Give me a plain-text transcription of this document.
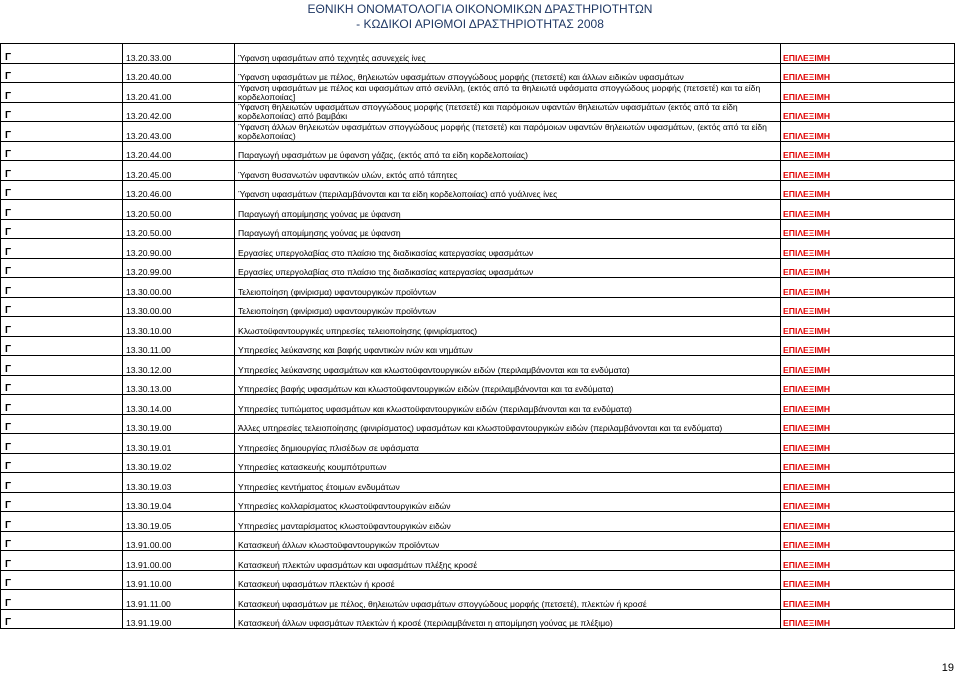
ΕΘΝΙΚΗ ΟΝΟΜΑΤΟΛΟΓΙΑ ΟΙΚΟΝΟΜΙΚΩΝ ΔΡΑΣΤΗΡΙΟΤΗΤΩΝ
- ΚΩΔΙΚΟΙ ΑΡΙΘΜΟΙ ΔΡΑΣΤΗΡΙΟΤΗΤΑΣ 2008
Γ	13.20.33.00	Ύφανση υφασμάτων από τεχνητές ασυνεχείς ίνες	ΕΠΙΛΕΞΙΜΗ
Γ	13.20.40.00	Ύφανση υφασμάτων με πέλος, θηλειωτών υφασμάτων σπογγώδους μορφής (πετσετέ) και άλλων ειδικών υφασμάτων	ΕΠΙΛΕΞΙΜΗ
Γ	13.20.41.00	Ύφανση υφασμάτων με πέλος και υφασμάτων από σενίλλη, (εκτός από τα θηλειωτά υφάσματα σπογγώδους μορφής (πετσετέ) και τα είδη κορδελοποιίας]	ΕΠΙΛΕΞΙΜΗ
Γ	13.20.42.00	Ύφανση θηλειωτών υφασμάτων σπογγώδους μορφής (πετσετέ) και παρόμοιων υφαντών θηλειωτών υφασμάτων (εκτός από τα είδη κορδελοποιίας) από βαμβάκι	ΕΠΙΛΕΞΙΜΗ
Γ	13.20.43.00	Ύφανση άλλων θηλειωτών υφασμάτων σπογγώδους μορφής (πετσετέ) και παρόμοιων υφαντών θηλειωτών υφασμάτων, (εκτός από τα είδη κορδελοποιίας)	ΕΠΙΛΕΞΙΜΗ
Γ	13.20.44.00	Παραγωγή υφασμάτων με ύφανση γάζας, (εκτός από τα είδη κορδελοποιίας)	ΕΠΙΛΕΞΙΜΗ
Γ	13.20.45.00	Ύφανση θυσανωτών υφαντικών υλών, εκτός από τάπητες	ΕΠΙΛΕΞΙΜΗ
Γ	13.20.46.00	Ύφανση υφασμάτων (περιλαμβάνονται και τα είδη κορδελοποιίας) από γυάλινες ίνες	ΕΠΙΛΕΞΙΜΗ
Γ	13.20.50.00	Παραγωγή απομίμησης γούνας με ύφανση	ΕΠΙΛΕΞΙΜΗ
Γ	13.20.50.00	Παραγωγή απομίμησης γούνας με ύφανση	ΕΠΙΛΕΞΙΜΗ
Γ	13.20.90.00	Εργασίες υπεργολαβίας στο πλαίσιο της διαδικασίας κατεργασίας υφασμάτων	ΕΠΙΛΕΞΙΜΗ
Γ	13.20.99.00	Εργασίες υπεργολαβίας στο πλαίσιο της διαδικασίας κατεργασίας υφασμάτων	ΕΠΙΛΕΞΙΜΗ
Γ	13.30.00.00	Τελειοποίηση (φινίρισμα) υφαντουργικών προϊόντων	ΕΠΙΛΕΞΙΜΗ
Γ	13.30.00.00	Τελειοποίηση (φινίρισμα) υφαντουργικών προϊόντων	ΕΠΙΛΕΞΙΜΗ
Γ	13.30.10.00	Κλωστοϋφαντουργικές υπηρεσίες τελειοποίησης (φινιρίσματος)	ΕΠΙΛΕΞΙΜΗ
Γ	13.30.11.00	Υπηρεσίες λεύκανσης και βαφής υφαντικών ινών και νημάτων	ΕΠΙΛΕΞΙΜΗ
Γ	13.30.12.00	Υπηρεσίες λεύκανσης υφασμάτων και κλωστοϋφαντουργικών ειδών (περιλαμβάνονται και τα ενδύματα)	ΕΠΙΛΕΞΙΜΗ
Γ	13.30.13.00	Υπηρεσίες βαφής υφασμάτων και κλωστοϋφαντουργικών ειδών (περιλαμβάνονται και τα ενδύματα)	ΕΠΙΛΕΞΙΜΗ
Γ	13.30.14.00	Υπηρεσίες τυπώματος υφασμάτων και κλωστοϋφαντουργικών ειδών (περιλαμβάνονται και τα ενδύματα)	ΕΠΙΛΕΞΙΜΗ
Γ	13.30.19.00	Άλλες υπηρεσίες τελειοποίησης (φινιρίσματος) υφασμάτων και κλωστοϋφαντουργικών ειδών (περιλαμβάνονται και τα ενδύματα)	ΕΠΙΛΕΞΙΜΗ
Γ	13.30.19.01	Υπηρεσίες δημιουργίας πλισέδων σε υφάσματα	ΕΠΙΛΕΞΙΜΗ
Γ	13.30.19.02	Υπηρεσίες κατασκευής κουμπότρυπων	ΕΠΙΛΕΞΙΜΗ
Γ	13.30.19.03	Υπηρεσίες κεντήματος έτοιμων ενδυμάτων	ΕΠΙΛΕΞΙΜΗ
Γ	13.30.19.04	Υπηρεσίες κολλαρίσματος κλωστοϋφαντουργικών ειδών	ΕΠΙΛΕΞΙΜΗ
Γ	13.30.19.05	Υπηρεσίες μανταρίσματος κλωστοϋφαντουργικών ειδών	ΕΠΙΛΕΞΙΜΗ
Γ	13.91.00.00	Κατασκευή άλλων κλωστοϋφαντουργικών προϊόντων	ΕΠΙΛΕΞΙΜΗ
Γ	13.91.00.00	Κατασκευή πλεκτών υφασμάτων και υφασμάτων πλέξης κροσέ	ΕΠΙΛΕΞΙΜΗ
Γ	13.91.10.00	Κατασκευή υφασμάτων πλεκτών ή κροσέ	ΕΠΙΛΕΞΙΜΗ
Γ	13.91.11.00	Κατασκευή υφασμάτων με πέλος, θηλειωτών υφασμάτων σπογγώδους μορφής (πετσετέ), πλεκτών ή κροσέ	ΕΠΙΛΕΞΙΜΗ
Γ	13.91.19.00	Κατασκευή άλλων υφασμάτων πλεκτών ή κροσέ (περιλαμβάνεται η απομίμηση γούνας με πλέξιμο)	ΕΠΙΛΕΞΙΜΗ
19
